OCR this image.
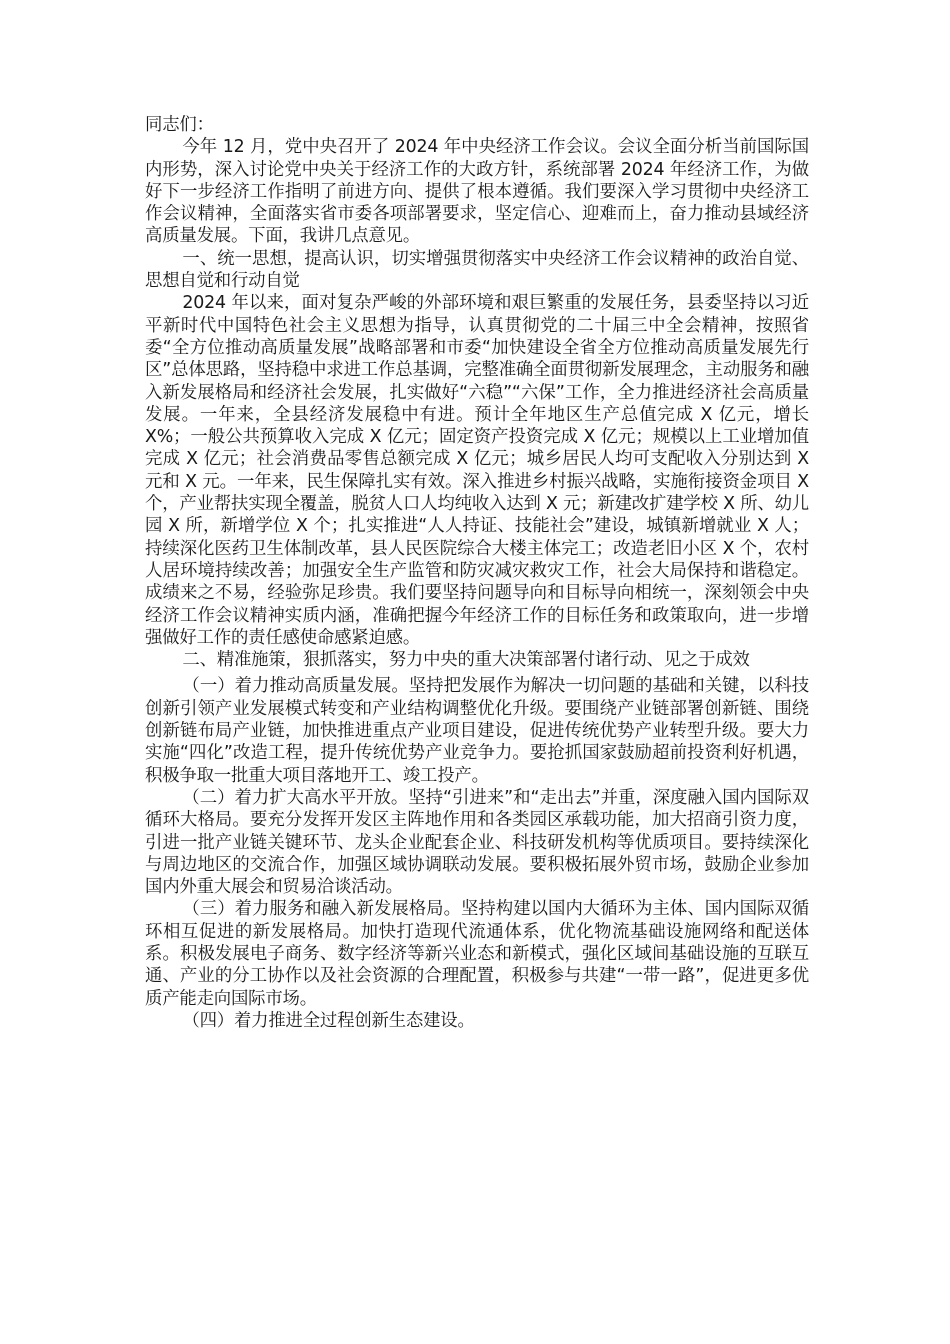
同志们：

今年 12 月，党中央召开了 2024 年中央经济工作会议。会议全面分析当前国际国内形势，深入讨论党中央关于经济工作的大政方针，系统部署 2024 年经济工作，为做好下一步经济工作指明了前进方向、提供了根本遵循。我们要深入学习贯彻中央经济工作会议精神，全面落实省市委各项部署要求，坚定信心、迎难而上，奋力推动县域经济高质量发展。下面，我讲几点意见。

一、统一思想，提高认识，切实增强贯彻落实中央经济工作会议精神的政治自觉、思想自觉和行动自觉

2024 年以来，面对复杂严峻的外部环境和艰巨繁重的发展任务，县委坚持以习近平新时代中国特色社会主义思想为指导，认真贯彻党的二十届三中全会精神，按照省委“全方位推动高质量发展”战略部署和市委“加快建设全省全方位推动高质量发展先行区”总体思路，坚持稳中求进工作总基调，完整准确全面贯彻新发展理念，主动服务和融入新发展格局和经济社会发展，扎实做好“六稳”“六保”工作，全力推进经济社会高质量发展。一年来，全县经济发展稳中有进。预计全年地区生产总值完成 X 亿元，增长 X%；一般公共预算收入完成 X 亿元；固定资产投资完成 X 亿元；规模以上工业增加值完成 X 亿元；社会消费品零售总额完成 X 亿元；城乡居民人均可支配收入分别达到 X 元和 X 元。一年来，民生保障扎实有效。深入推进乡村振兴战略，实施衔接资金项目 X 个，产业帮扶实现全覆盖，脱贫人口人均纯收入达到 X 元；新建改扩建学校 X 所、幼儿园 X 所，新增学位 X 个；扎实推进“人人持证、技能社会”建设，城镇新增就业 X 人；持续深化医药卫生体制改革，县人民医院综合大楼主体完工；改造老旧小区 X 个，农村人居环境持续改善；加强安全生产监管和防灾减灾救灾工作，社会大局保持和谐稳定。成绩来之不易，经验弥足珍贵。我们要坚持问题导向和目标导向相统一，深刻领会中央经济工作会议精神实质内涵，准确把握今年经济工作的目标任务和政策取向，进一步增强做好工作的责任感使命感紧迫感。

二、精准施策，狠抓落实，努力中央的重大决策部署付诸行动、见之于成效

（一）着力推动高质量发展。坚持把发展作为解决一切问题的基础和关键，以科技创新引领产业发展模式转变和产业结构调整优化升级。要围绕产业链部署创新链、围绕创新链布局产业链，加快推进重点产业项目建设，促进传统优势产业转型升级。要大力实施“四化”改造工程，提升传统优势产业竞争力。要抢抓国家鼓励超前投资利好机遇，积极争取一批重大项目落地开工、竣工投产。

（二）着力扩大高水平开放。坚持“引进来”和“走出去”并重，深度融入国内国际双循环大格局。要充分发挥开发区主阵地作用和各类园区承载功能，加大招商引资力度，引进一批产业链关键环节、龙头企业配套企业、科技研发机构等优质项目。要持续深化与周边地区的交流合作，加强区域协调联动发展。要积极拓展外贸市场，鼓励企业参加国内外重大展会和贸易洽谈活动。

（三）着力服务和融入新发展格局。坚持构建以国内大循环为主体、国内国际双循环相互促进的新发展格局。加快打造现代流通体系，优化物流基础设施网络和配送体系。积极发展电子商务、数字经济等新兴业态和新模式，强化区域间基础设施的互联互通、产业的分工协作以及社会资源的合理配置，积极参与共建“一带一路”，促进更多优质产能走向国际市场。

（四）着力推进全过程创新生态建设。
